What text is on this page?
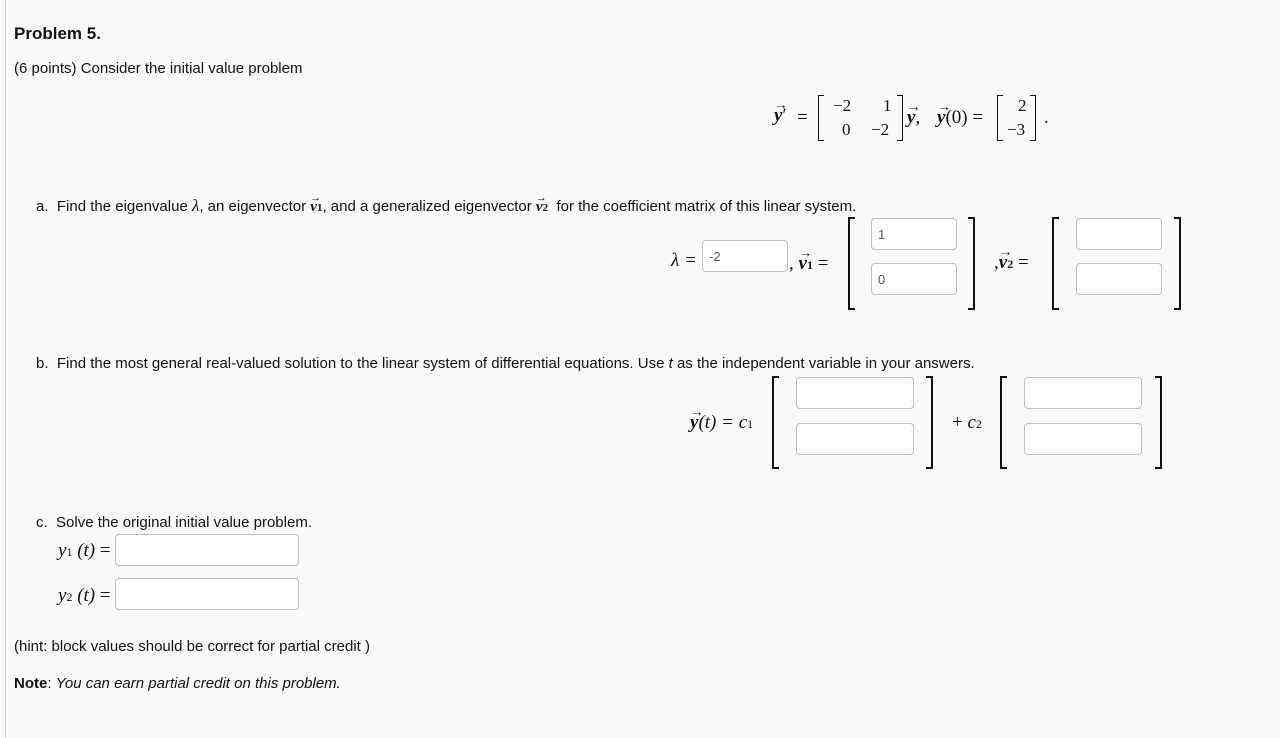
Problem 5.
(6 points) Consider the initial value problem
→ y′ =
−2 1
0 −2
→ y, → y(0) =
2
−3
.
a. Find the eigenvalue λ, an eigenvector → v1, and a generalized eigenvector → v2 for the coefficient matrix of this linear system.
λ =
-2	, → v1 =
1
0	,→ v2 =
b. Find the most general real-valued solution to the linear system of differential equations. Use t as the independent variable in your answers.
→ y(t) = c1	+ c2
c. Solve the original initial value problem.
y1 (t) =
y2 (t) =
(hint: block values should be correct for partial credit )
Note: You can earn partial credit on this problem.
